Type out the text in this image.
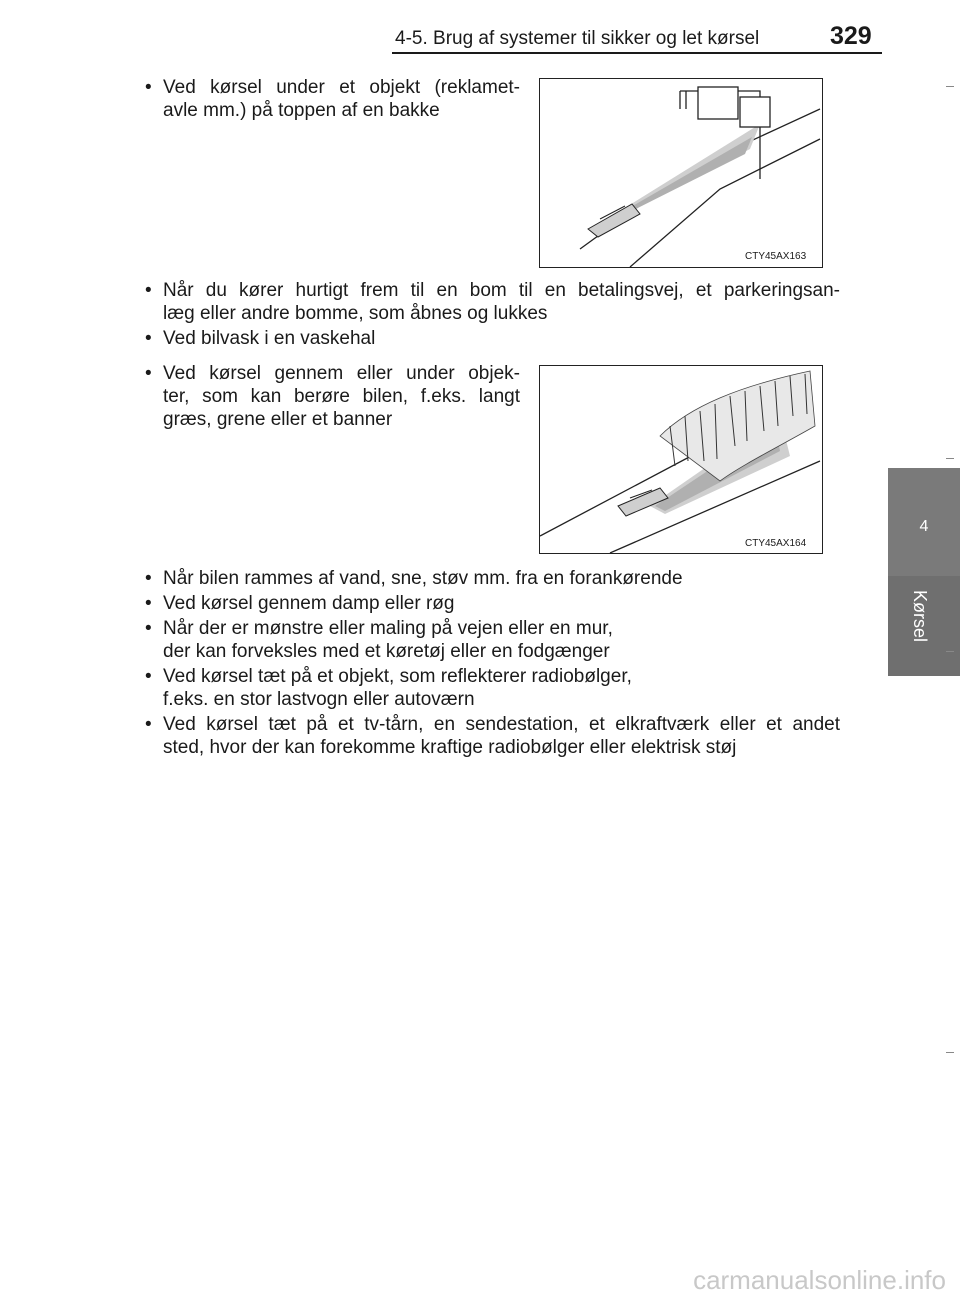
4-5. Brug af systemer til sikker og let kørsel	329
4
Kørsel
• Ved kørsel under et objekt (reklamet-
avle mm.) på toppen af en bakke
CTY45AX163
• Når du kører hurtigt frem til en bom til en betalingsvej, et parkeringsan-
læg eller andre bomme, som åbnes og lukkes
• Ved bilvask i en vaskehal
• Ved kørsel gennem eller under objek-
ter, som kan berøre bilen, f.eks. langt
græs, grene eller et banner
CTY45AX164
• Når bilen rammes af vand, sne, støv mm. fra en forankørende
• Ved kørsel gennem damp eller røg
• Når der er mønstre eller maling på vejen eller en mur,
der kan forveksles med et køretøj eller en fodgænger
• Ved kørsel tæt på et objekt, som reflekterer radiobølger,
f.eks. en stor lastvogn eller autoværn
• Ved kørsel tæt på et tv-tårn, en sendestation, et elkraftværk eller et andet
sted, hvor der kan forekomme kraftige radiobølger eller elektrisk støj
carmanualsonline.info
